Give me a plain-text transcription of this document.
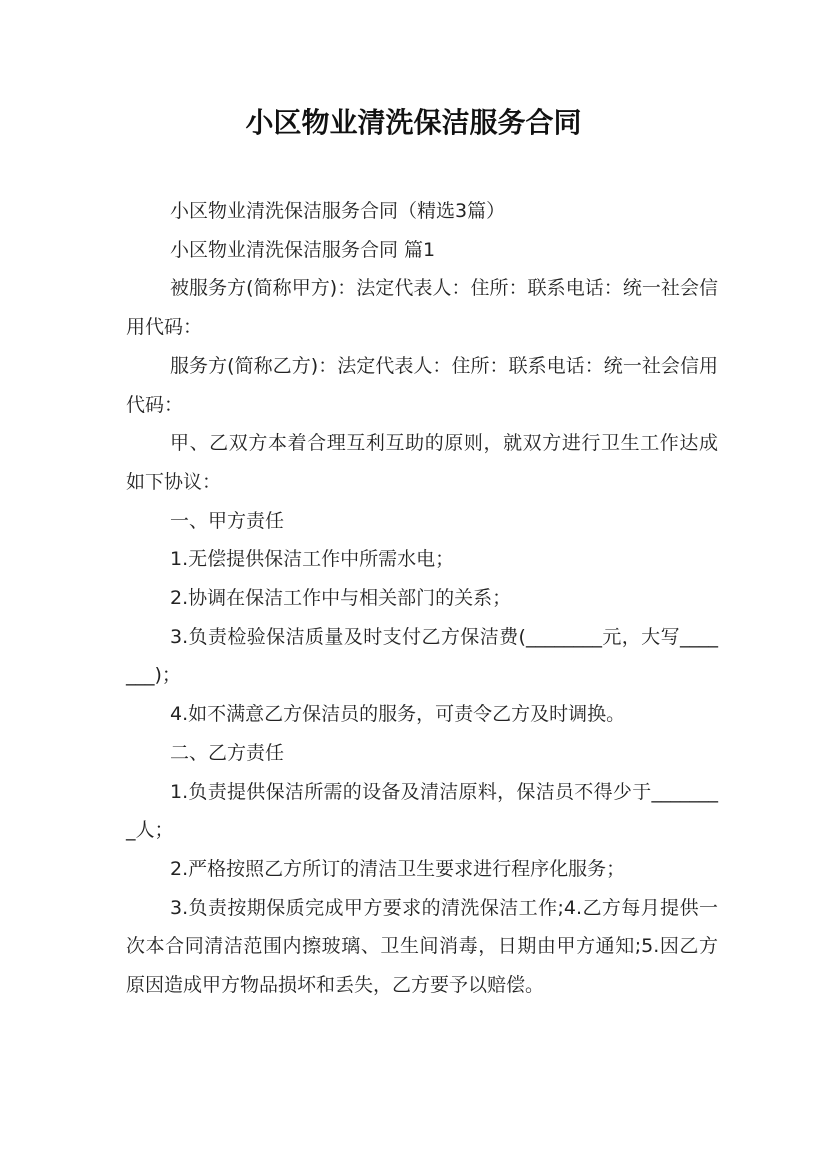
小区物业清洗保洁服务合同

小区物业清洗保洁服务合同（精选3篇）

小区物业清洗保洁服务合同 篇1

被服务方(简称甲方)：法定代表人：住所：联系电话：统一社会信用代码：

服务方(简称乙方)：法定代表人：住所：联系电话：统一社会信用代码：

甲、乙双方本着合理互利互助的原则，就双方进行卫生工作达成如下协议：

一、甲方责任

1.无偿提供保洁工作中所需水电；

2.协调在保洁工作中与相关部门的关系；

3.负责检验保洁质量及时支付乙方保洁费(________元，大写_______)；

4.如不满意乙方保洁员的服务，可责令乙方及时调换。

二、乙方责任

1.负责提供保洁所需的设备及清洁原料，保洁员不得少于________人；

2.严格按照乙方所订的清洁卫生要求进行程序化服务；

3.负责按期保质完成甲方要求的清洗保洁工作;4.乙方每月提供一次本合同清洁范围内擦玻璃、卫生间消毒，日期由甲方通知;5.因乙方原因造成甲方物品损坏和丢失，乙方要予以赔偿。
